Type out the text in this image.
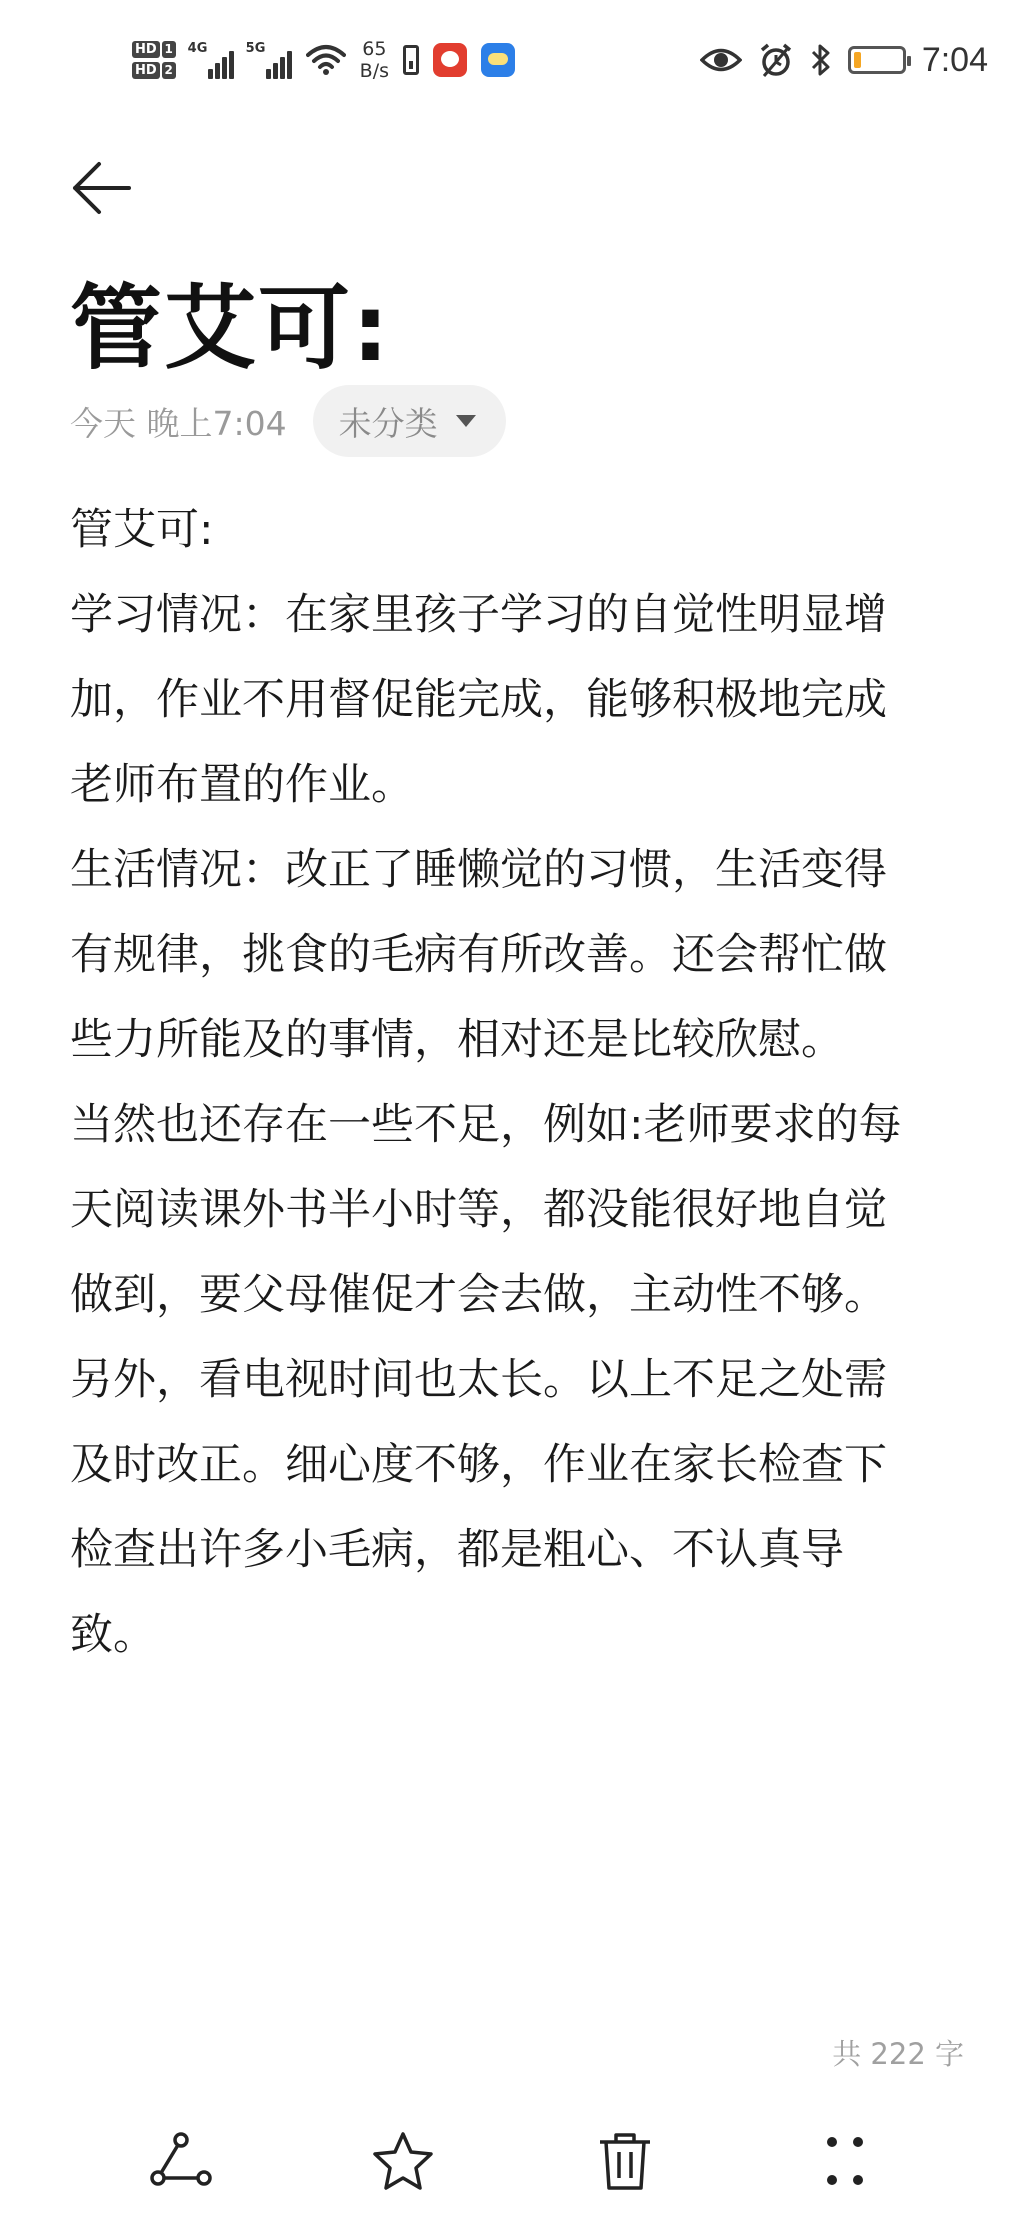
HD 1
HD 2
4G	5G	65
B/s	7:04
管艾可:
今天 晚上7:04 未分类

管艾可:

学习情况：在家里孩子学习的自觉性明显增

加，作业不用督促能完成，能够积极地完成

老师布置的作业。

生活情况：改正了睡懒觉的习惯，生活变得

有规律，挑食的毛病有所改善。还会帮忙做

些力所能及的事情，相对还是比较欣慰。

当然也还存在一些不足，例如:老师要求的每

天阅读课外书半小时等，都没能很好地自觉

做到，要父母催促才会去做，主动性不够。

另外，看电视时间也太长。以上不足之处需

及时改正。细心度不够，作业在家长检查下

检查出许多小毛病，都是粗心、不认真导

致。

共 222 字
